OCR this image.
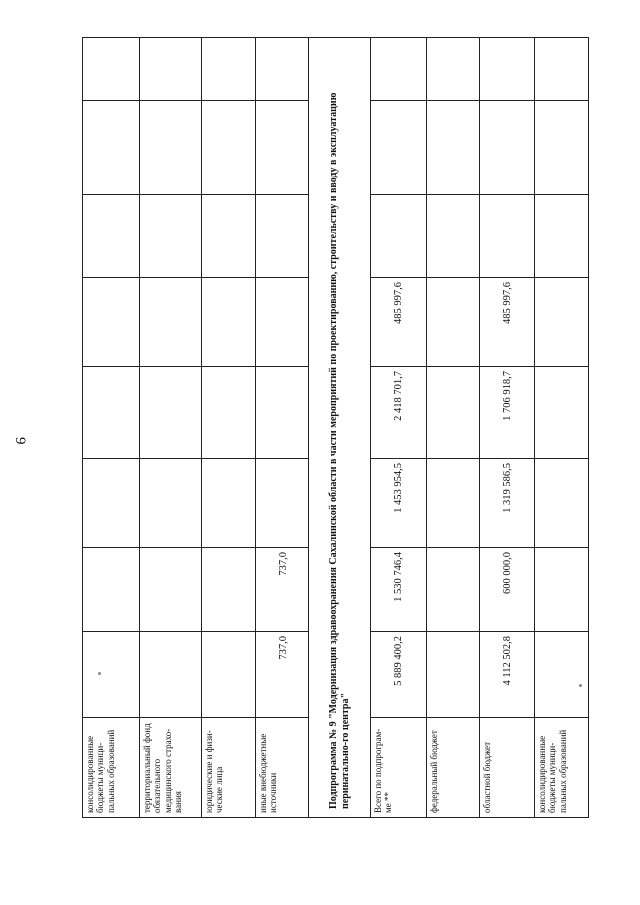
9
консолидированные бюджеты муници-пальных образований								
территориальный фонд обязательного медицинского страхо-вания								
юридические и физи-ческие лица								
иные внебюджетные источники	737,0	737,0						
Подпрограмма № 9 "Модернизация здравоохранения Сахалинской области в части мероприятий по проектированию, строительству и вводу в эксплуатацию перинатально-го центра"								
Всего по подпрограм-ме **	5 889 400,2	1 530 746,4	1 453 954,5	2 418 701,7	485 997,6			
федеральный бюджет								
областной бюджет	4 112 502,8	600 000,0	1 319 586,5	1 706 918,7	485 997,6			
консолидированные бюджеты муници-пальных образований								
